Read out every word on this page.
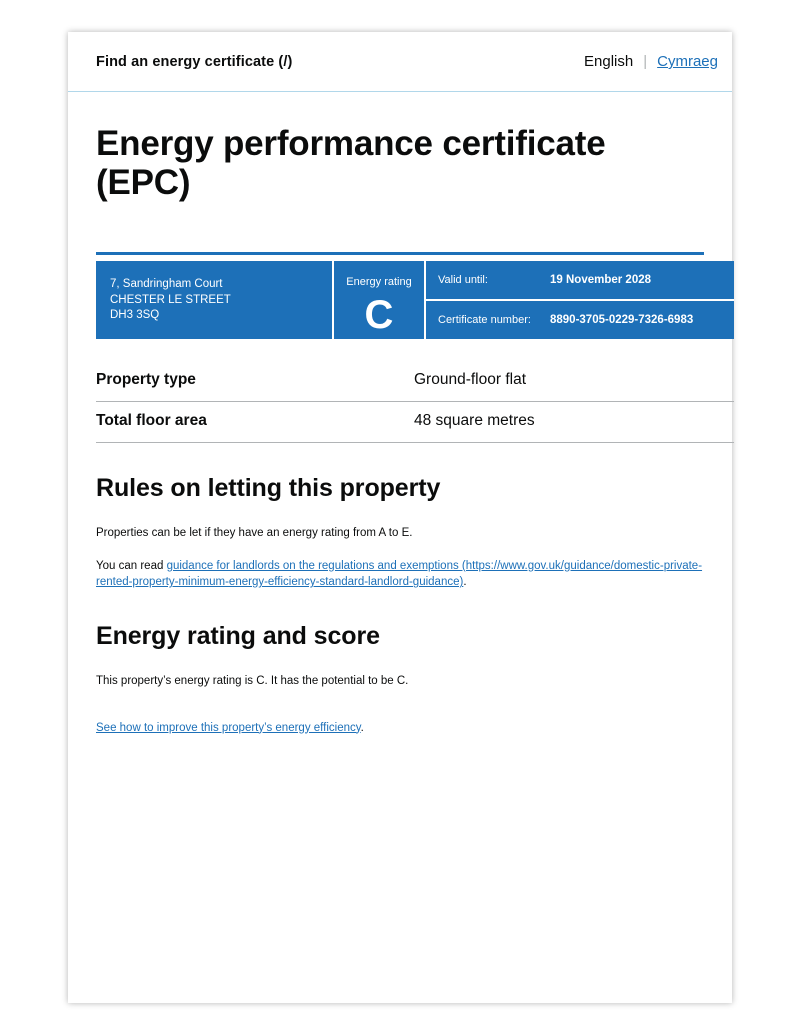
Find an energy certificate (/)	English | Cymraeg
Energy performance certificate (EPC)
7, Sandringham Court
CHESTER LE STREET
DH3 3SQ
Energy rating
C
Valid until:	19 November 2028
Certificate number:	8890-3705-0229-7326-6983
Property type	Ground-floor flat
Total floor area	48 square metres
Rules on letting this property

Properties can be let if they have an energy rating from A to E.

You can read guidance for landlords on the regulations and exemptions (https://www.gov.uk/guidance/domestic-private-rented-property-minimum-energy-efficiency-standard-landlord-guidance).

Energy rating and score

This property’s energy rating is C. It has the potential to be C.

See how to improve this property’s energy efficiency.
